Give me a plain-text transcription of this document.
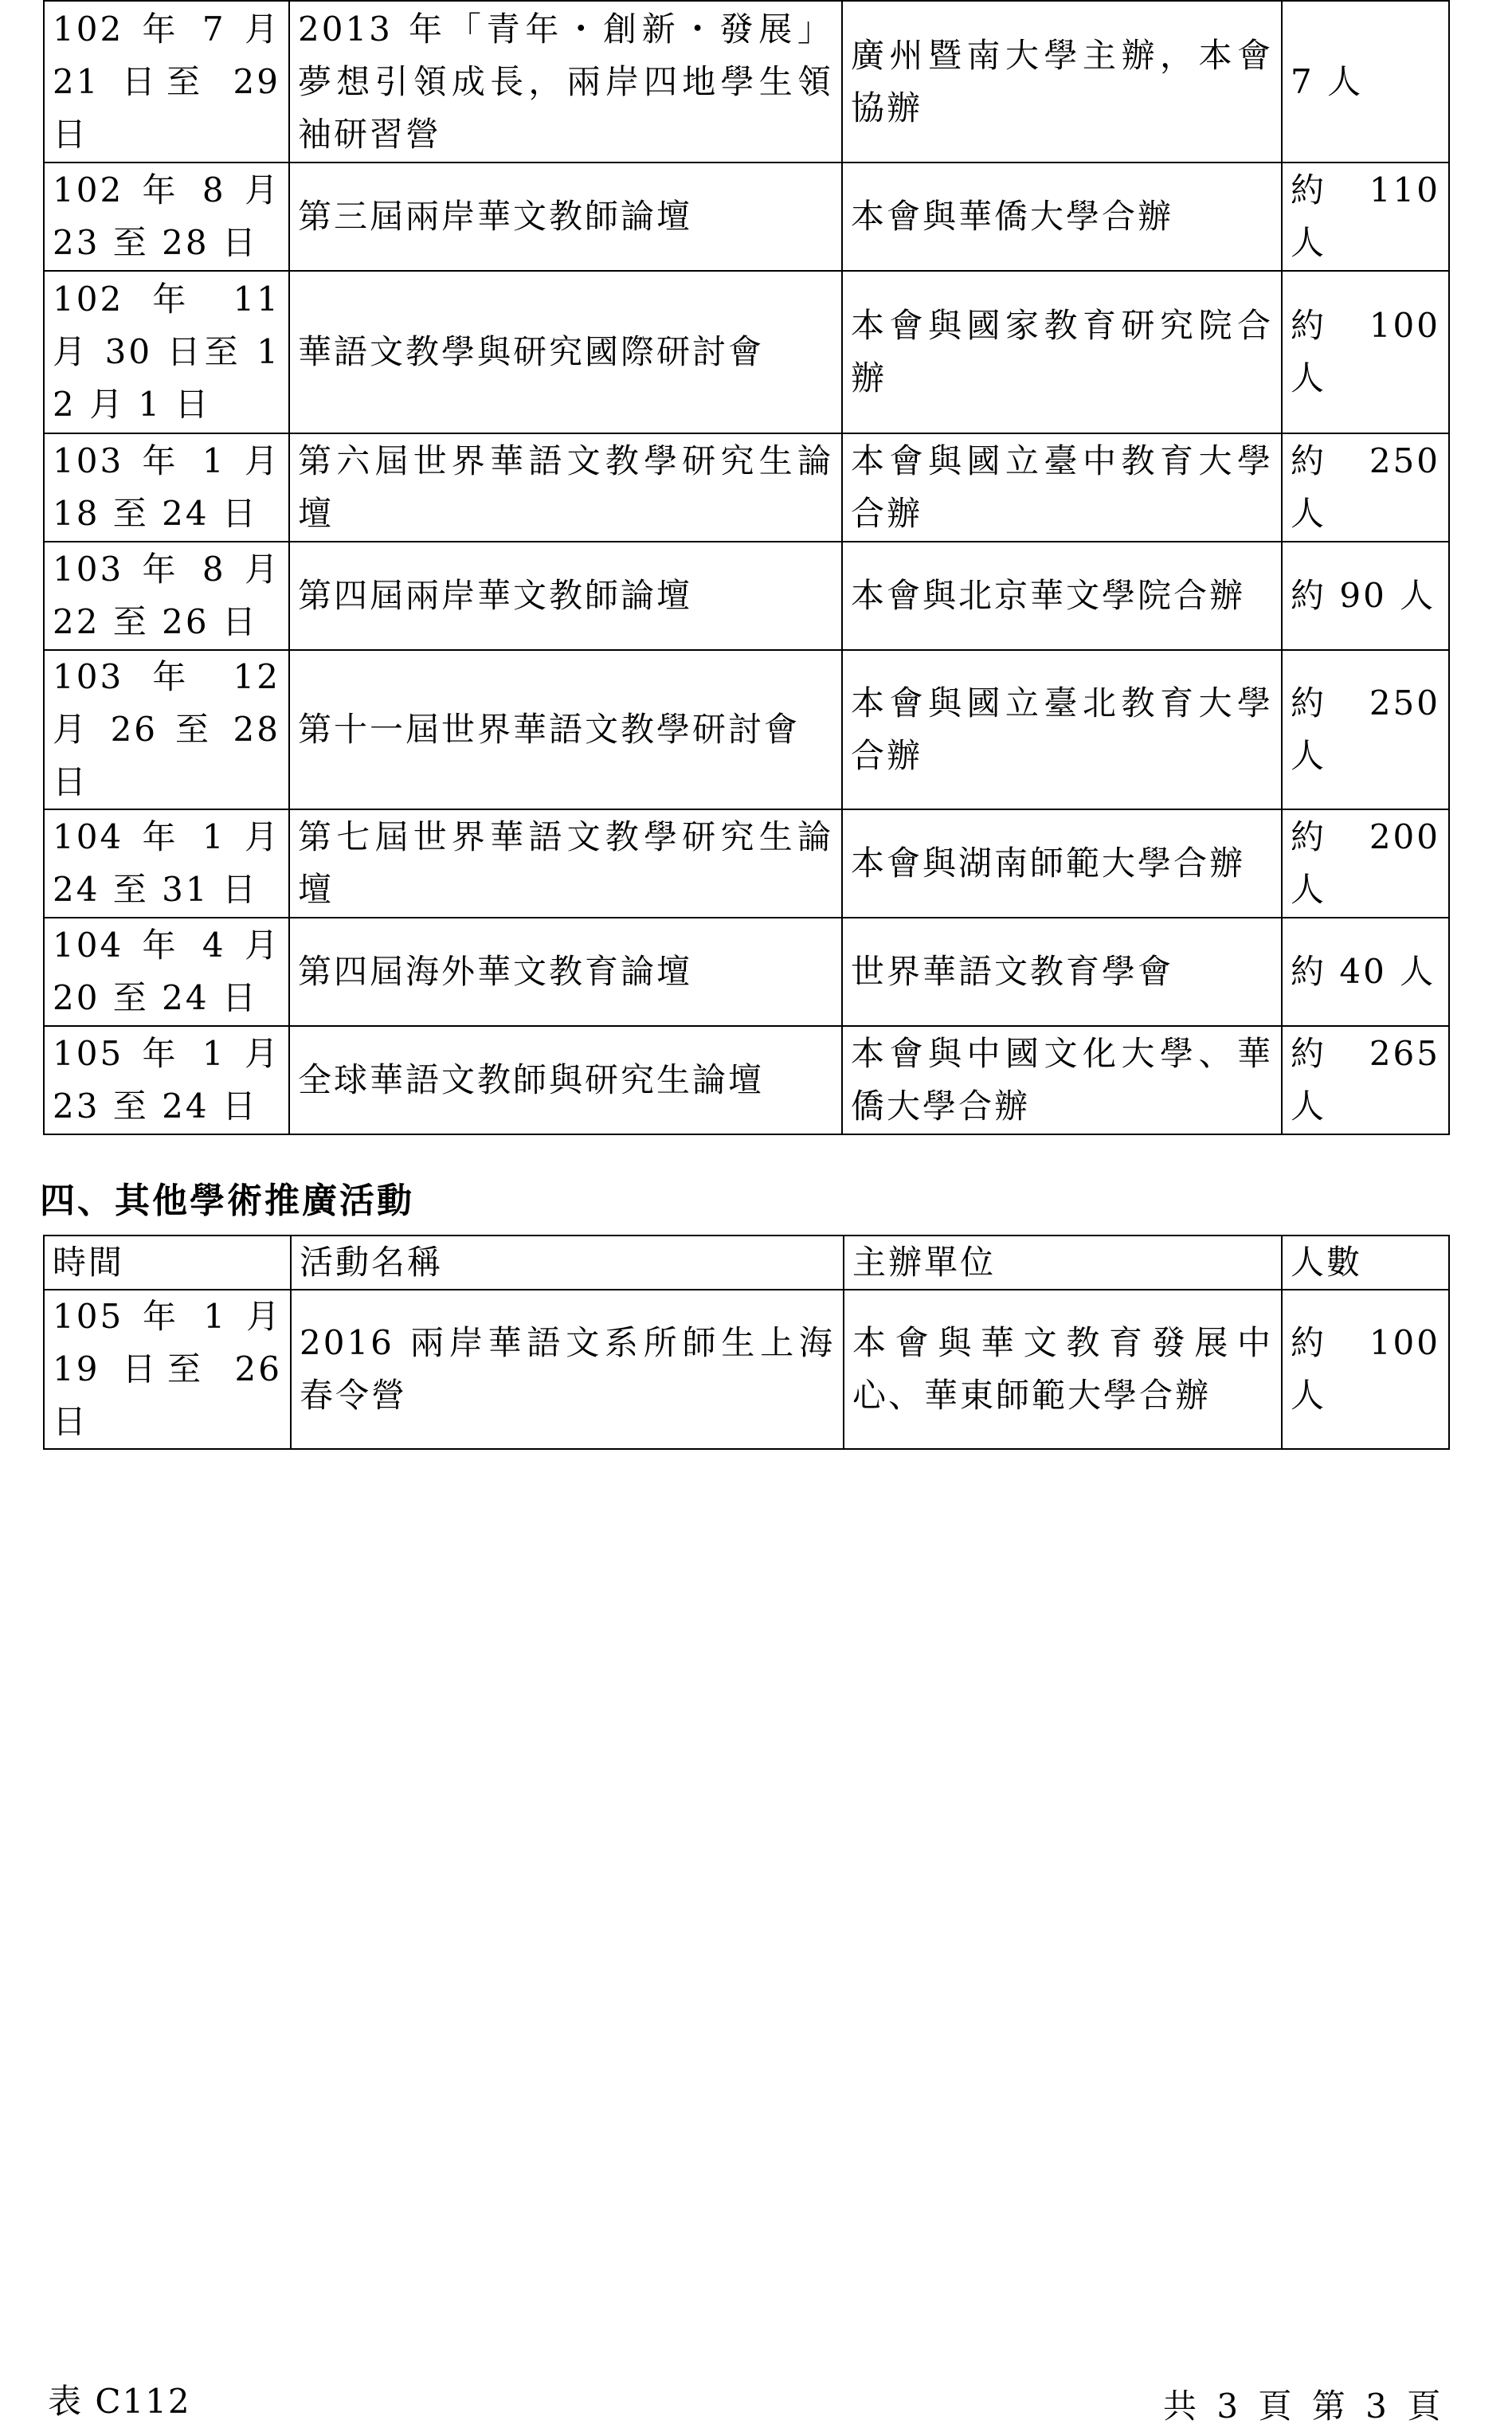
102 年 7 月 21 日至 29 日	2013 年「青年・創新・發展」夢想引領成長，兩岸四地學生領袖研習營	廣州暨南大學主辦，本會協辦	7 人
102 年 8 月 23 至 28 日	第三屆兩岸華文教師論壇	本會與華僑大學合辦	約 110 人
102 年 11 月 30 日至 12 月 1 日	華語文教學與研究國際研討會	本會與國家教育研究院合辦	約 100 人
103 年 1 月 18 至 24 日	第六屆世界華語文教學研究生論壇	本會與國立臺中教育大學合辦	約 250 人
103 年 8 月 22 至 26 日	第四屆兩岸華文教師論壇	本會與北京華文學院合辦	約 90 人
103 年 12 月 26 至 28 日	第十一屆世界華語文教學研討會	本會與國立臺北教育大學合辦	約 250 人
104 年 1 月 24 至 31 日	第七屆世界華語文教學研究生論壇	本會與湖南師範大學合辦	約 200 人
104 年 4 月 20 至 24 日	第四屆海外華文教育論壇	世界華語文教育學會	約 40 人
105 年 1 月 23 至 24 日	全球華語文教師與研究生論壇	本會與中國文化大學、華僑大學合辦	約 265 人
四、其他學術推廣活動
時間	活動名稱	主辦單位	人數
105 年 1 月 19 日至 26 日	2016 兩岸華語文系所師生上海春令營	本會與華文教育發展中心、華東師範大學合辦	約 100 人
表 C112	共 3 頁 第 3 頁
